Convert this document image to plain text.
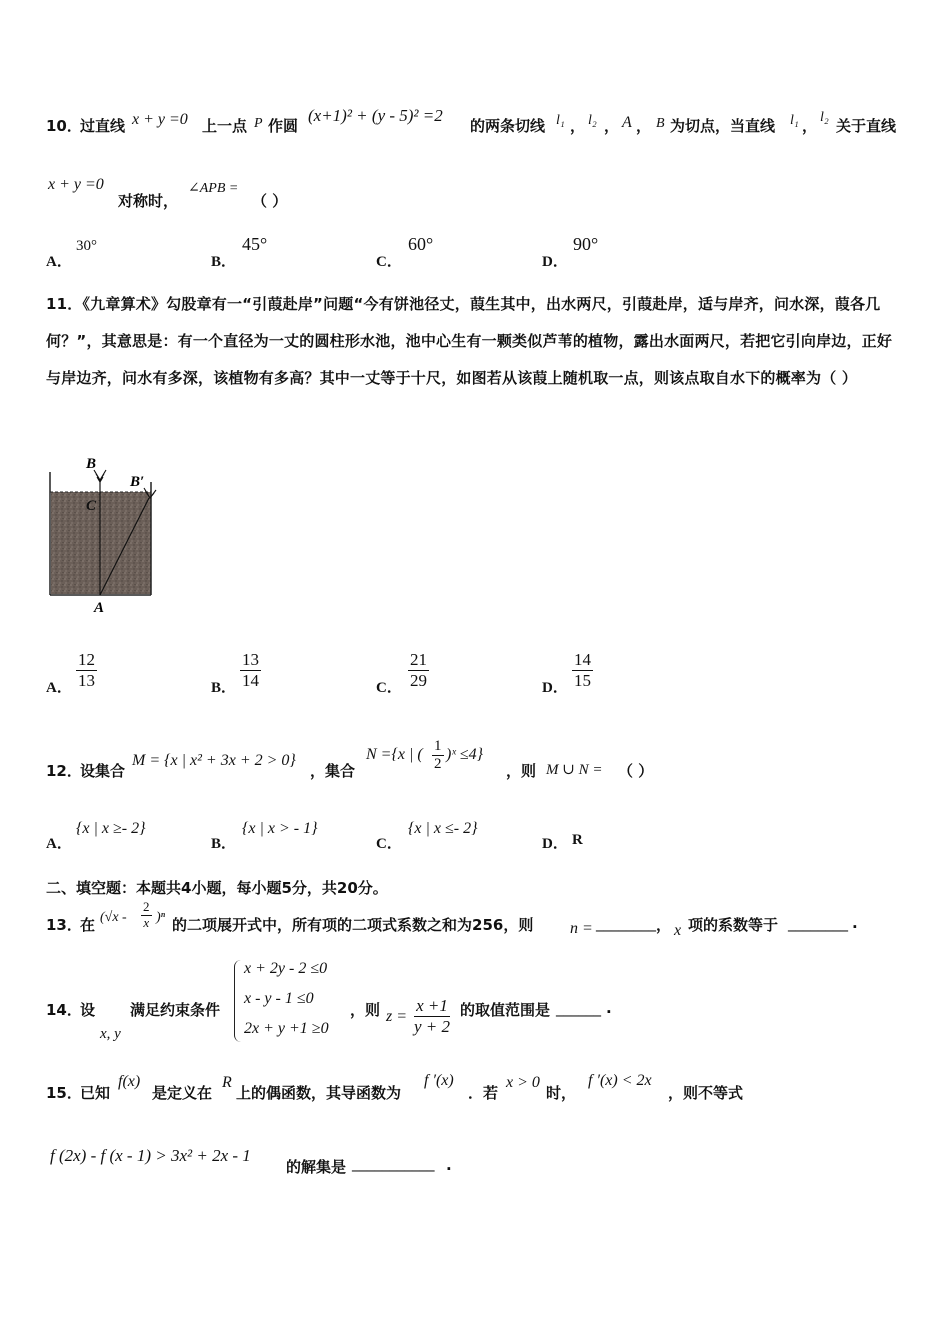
10．
过直线 x + y =0 上一点 P 作圆
(x+1)² + (y - 5)² =2
的两条切线 l₁ ， l₂ ， A ， B 为切点，当直线 l₁ ， l₂ 关于直线
x + y =0
对称时，
∠APB =
（ ）
A．
30°
B．
45°
C．
60°
D．
90°
11．《九章算术》勾股章有一“引葭赴岸”问题“今有饼池径丈，葭生其中，出水两尺，引葭赴岸，适与岸齐，问水深，葭各几何？”，其意思是：有一个直径为一丈的圆柱形水池，池中心生有一颗类似芦苇的植物，露出水面两尺，若把它引向岸边，正好与岸边齐，问水有多深，该植物有多高？其中一丈等于十尺，如图若从该葭上随机取一点，则该点取自水下的概率为（ ）
B
C
B′
A
A． $\frac{12}{13}$	B． $\frac{13}{14}$	C． $\frac{21}{29}$	D． $\frac{14}{15}$
12．
设集合
M = {x | x² + 3x + 2 > 0}
，集合
N ={x | ( $\frac{1}{2}$ )ˣ ≤4}
，则 M ∪ N = （ ）
A．
{x | x ≥- 2}
B．
{x | x > - 1}
C．
{x | x ≤- 2}
D． R
二、填空题：本题共4小题，每小题5分，共20分。
13．
在 $(√x - \frac{2}{x} )^n$ 的二项展开式中，所有项的二项式系数之和为256，则 n = ________ ， x 项的系数等于 ________ .
14．
设
x, y
满足约束条件
x + 2y - 2 ≤0
x - y - 1 ≤0
2x + y +1 ≥0
，则 $z = \frac{x +1}{y + 2}$ 的取值范围是 ______ .
15．
已知
f(x)
是定义在
R
上的偶函数，其导函数为
f ′(x)
．若
x > 0
时，
f ′(x) < 2x
，则不等式
f (2x) - f (x - 1) > 3x² + 2x - 1
的解集是 ___________ .
